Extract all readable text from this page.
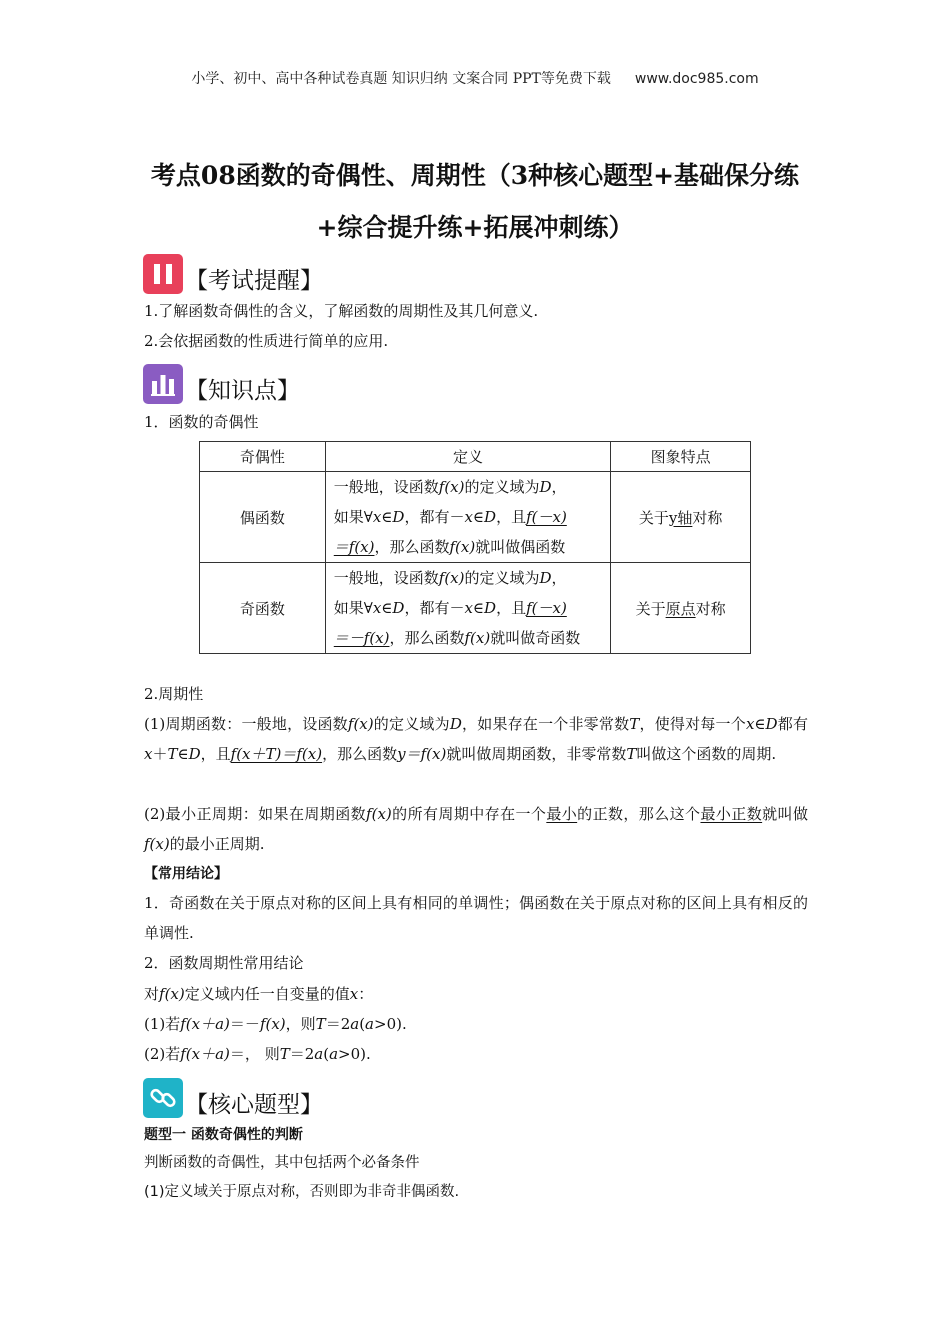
小学、初中、高中各种试卷真题 知识归纳 文案合同 PPT等免费下载 www.doc985.com
考点08函数的奇偶性、周期性（3种核心题型+基础保分练
+综合提升练+拓展冲刺练）
【考试提醒】
1.了解函数奇偶性的含义，了解函数的周期性及其几何意义.
2.会依据函数的性质进行简单的应用.
【知识点】
1．函数的奇偶性
奇偶性	定义	图象特点
偶函数	一般地，设函数f(x)的定义域为D，
如果∀x∈D，都有－x∈D，且f(－x)
＝f(x)，那么函数f(x)就叫做偶函数	关于y轴对称
奇函数	一般地，设函数f(x)的定义域为D，
如果∀x∈D，都有－x∈D，且f(－x)
＝－f(x)，那么函数f(x)就叫做奇函数	关于原点对称
2.周期性
(1)周期函数：一般地，设函数f(x)的定义域为D，如果存在一个非零常数T，使得对每一个x∈D都有x＋T∈D，且f(x＋T)＝f(x)，那么函数y＝f(x)就叫做周期函数，非零常数T叫做这个函数的周期.
(2)最小正周期：如果在周期函数f(x)的所有周期中存在一个最小的正数，那么这个最小正数就叫做f(x)的最小正周期.
【常用结论】
1．奇函数在关于原点对称的区间上具有相同的单调性；偶函数在关于原点对称的区间上具有相反的单调性.
2．函数周期性常用结论
对f(x)定义域内任一自变量的值x：
(1)若f(x＋a)＝－f(x)，则T＝2a(a>0).
(2)若f(x＋a)＝， 则T＝2a(a>0).
【核心题型】
题型一 函数奇偶性的判断
判断函数的奇偶性，其中包括两个必备条件
(1)定义域关于原点对称，否则即为非奇非偶函数.
